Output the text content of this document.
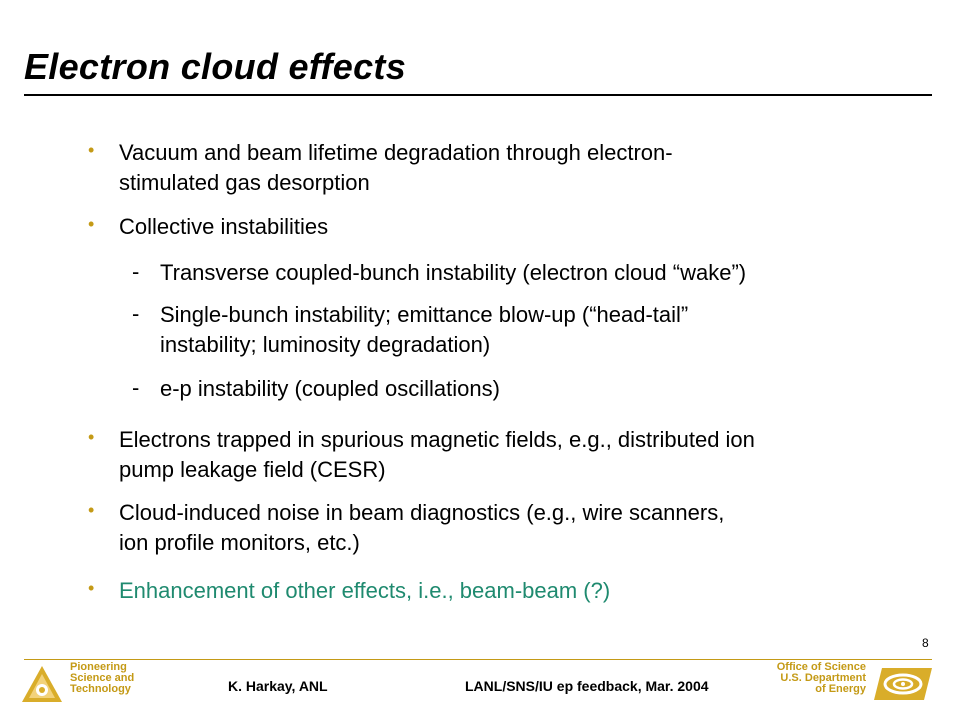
Electron cloud effects
• Vacuum and beam lifetime degradation through electron-
stimulated gas desorption
• Collective instabilities
- Transverse coupled-bunch instability (electron cloud “wake”)
- Single-bunch instability; emittance blow-up (“head-tail”
instability; luminosity degradation)
- e-p instability (coupled oscillations)
• Electrons trapped in spurious magnetic fields, e.g., distributed ion
pump leakage field (CESR)
• Cloud-induced noise in beam diagnostics (e.g., wire scanners,
ion profile monitors, etc.)
• Enhancement of other effects, i.e., beam-beam (?)
8
Pioneering
Science and
Technology	K. Harkay, ANL	LANL/SNS/IU ep feedback, Mar. 2004
Office of Science
U.S. Department
of Energy
